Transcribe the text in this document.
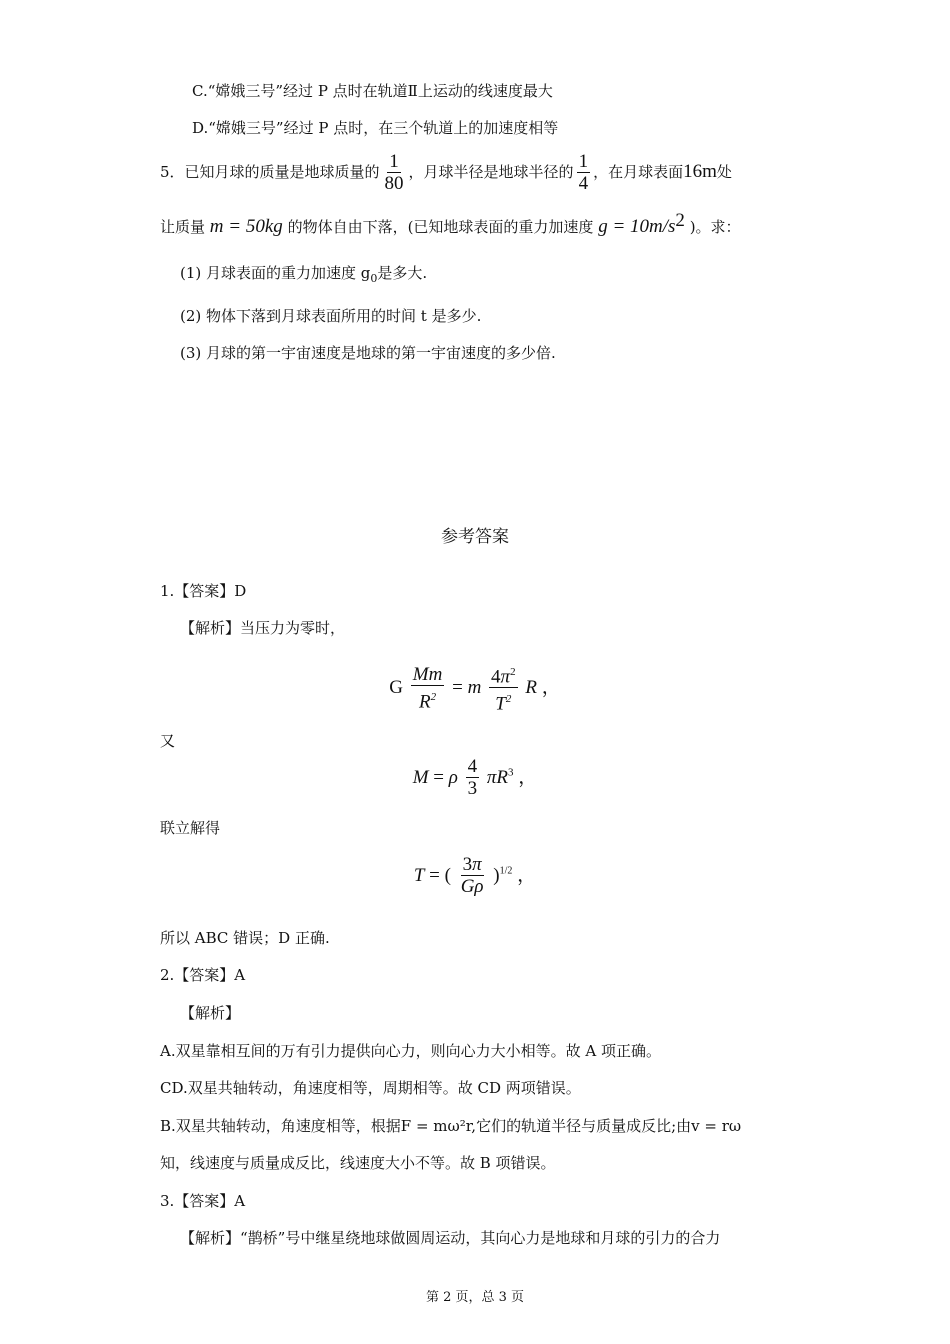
C.“嫦娥三号”经过 P 点时在轨道Ⅱ上运动的线速度最大
D.“嫦娥三号”经过 P 点时，在三个轨道上的加速度相等
5．已知月球的质量是地球质量的 $\frac{1}{80}$ ，月球半径是地球半径的 $\frac{1}{4}$ ，在月球表面16m处
让质量 m = 50kg 的物体自由下落，(已知地球表面的重力加速度 $g = 10m/s^2$ )。求：
(1) 月球表面的重力加速度 $g_0$是多大.
(2) 物体下落到月球表面所用的时间 t 是多少.
(3) 月球的第一宇宙速度是地球的第一宇宙速度的多少倍.
参考答案
1.【答案】D
【解析】当压力为零时，
G $\frac{Mm}{R^2} = m \frac{4\pi^2}{T^2}$ R ，
又
M = ρ $\frac{4}{3} \pi R^3$ ，
联立解得
T = ( $\frac{3\pi}{G\rho} )^{1/2}$ ，
所以 ABC 错误；D 正确.
2.【答案】A
【解析】
A.双星靠相互间的万有引力提供向心力，则向心力大小相等。故 A 项正确。
CD.双星共轴转动，角速度相等，周期相等。故 CD 两项错误。
B.双星共轴转动，角速度相等，根据F = mω²r,它们的轨道半径与质量成反比;由v = rω
知，线速度与质量成反比，线速度大小不等。故 B 项错误。
3.【答案】A
【解析】“鹊桥”号中继星绕地球做圆周运动，其向心力是地球和月球的引力的合力
第 2 页，总 3 页
